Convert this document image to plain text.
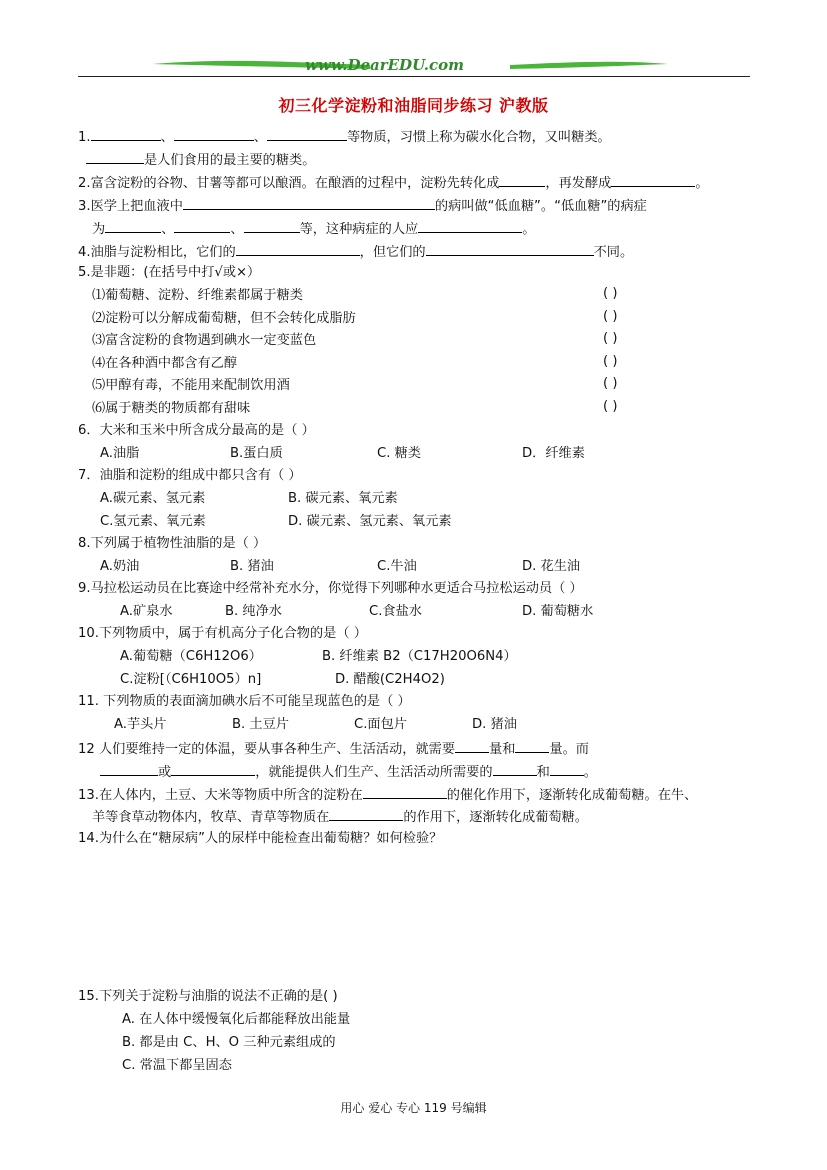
www.DearEDU.com
初三化学淀粉和油脂同步练习 沪教版
1.	、	、	等物质，习惯上称为碳水化合物，又叫糖类。
是人们食用的最主要的糖类。
2.富含淀粉的谷物、甘薯等都可以酿酒。在酿酒的过程中，淀粉先转化成	，再发酵成	。
3.医学上把血液中	的病叫做“低血糖”。“低血糖”的病症
为	、	、	等，这种病症的人应	。
4.油脂与淀粉相比，它们的	，但它们的	不同。
5.是非题：(在括号中打√或×）
⑴葡萄糖、淀粉、纤维素都属于糖类	( )
⑵淀粉可以分解成葡萄糖，但不会转化成脂肪	( )
⑶富含淀粉的食物遇到碘水一定变蓝色	( )
⑷在各种酒中都含有乙醇	( )
⑸甲醇有毒，不能用来配制饮用酒	( )
⑹属于糖类的物质都有甜味	( )
6．大米和玉米中所含成分最高的是（ ）
A.油脂	B.蛋白质	C. 糖类	D．纤维素
7．油脂和淀粉的组成中都只含有（ ）
A.碳元素、氢元素	B. 碳元素、氧元素
C.氢元素、氧元素	D. 碳元素、氢元素、氧元素
8.下列属于植物性油脂的是（ ）
A.奶油	B. 猪油	C.牛油	D. 花生油
9.马拉松运动员在比赛途中经常补充水分，你觉得下列哪种水更适合马拉松运动员（ ）
A.矿泉水	B. 纯净水	C.食盐水	D. 葡萄糖水
10.下列物质中，属于有机高分子化合物的是（ ）
A.葡萄糖（C6H12O6）	B. 纤维素 B2（C17H20O6N4）
C.淀粉[（C6H10O5）n]	D. 醋酸(C2H4O2)
11. 下列物质的表面滴加碘水后不可能呈现蓝色的是（ ）
A.芋头片	B. 土豆片	C.面包片	D. 猪油
12 人们要维持一定的体温，要从事各种生产、生活活动，就需要	量和	量。而
或	，就能提供人们生产、生活活动所需要的	和	。
13.在人体内，土豆、大米等物质中所含的淀粉在	的催化作用下，逐渐转化成葡萄糖。在牛、
羊等食草动物体内，牧草、青草等物质在	的作用下，逐渐转化成葡萄糖。
14.为什么在“糖尿病”人的尿样中能检查出葡萄糖？如何检验？
15.下列关于淀粉与油脂的说法不正确的是( )
A. 在人体中缓慢氧化后都能释放出能量
B. 都是由 C、H、O 三种元素组成的
C. 常温下都呈固态
用心 爱心 专心 119 号编辑
